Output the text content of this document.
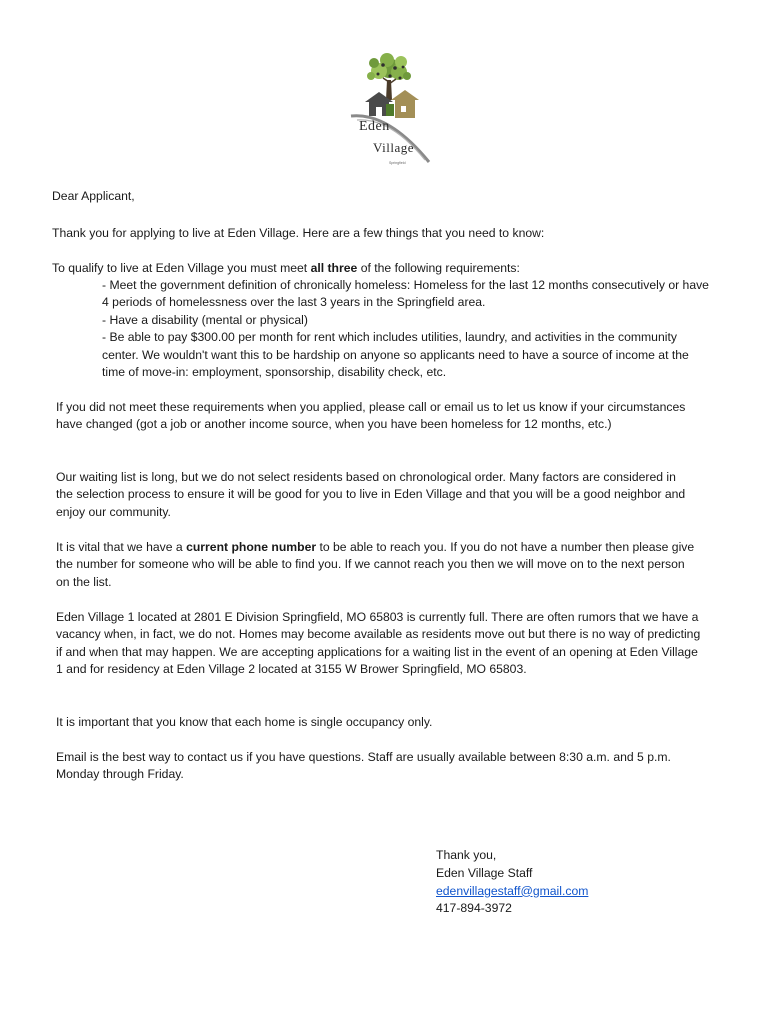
Eden
Village
Springfield

Dear Applicant,

Thank you for applying to live at Eden Village. Here are a few things that you need to know:

To qualify to live at Eden Village you must meet all three of the following requirements:

- Meet the government definition of chronically homeless: Homeless for the last 12 months consecutively or have 4 periods of homelessness over the last 3 years in the Springfield area.
- Have a disability (mental or physical)
- Be able to pay $300.00 per month for rent which includes utilities, laundry, and activities in the community center. We wouldn't want this to be hardship on anyone so applicants need to have a source of income at the time of move-in: employment, sponsorship, disability check, etc.

If you did not meet these requirements when you applied, please call or email us to let us know if your circumstances have changed (got a job or another income source, when you have been homeless for 12 months, etc.)

Our waiting list is long, but we do not select residents based on chronological order. Many factors are considered in the selection process to ensure it will be good for you to live in Eden Village and that you will be a good neighbor and enjoy our community.

It is vital that we have a current phone number to be able to reach you. If you do not have a number then please give the number for someone who will be able to find you. If we cannot reach you then we will move on to the next person on the list.

Eden Village 1 located at 2801 E Division Springfield, MO 65803 is currently full. There are often rumors that we have a vacancy when, in fact, we do not. Homes may become available as residents move out but there is no way of predicting if and when that may happen. We are accepting applications for a waiting list in the event of an opening at Eden Village 1 and for residency at Eden Village 2 located at 3155 W Brower Springfield, MO 65803.

It is important that you know that each home is single occupancy only.

Email is the best way to contact us if you have questions. Staff are usually available between 8:30 a.m. and 5 p.m. Monday through Friday.

Thank you,
Eden Village Staff
edenvillagestaff@gmail.com
417-894-3972
